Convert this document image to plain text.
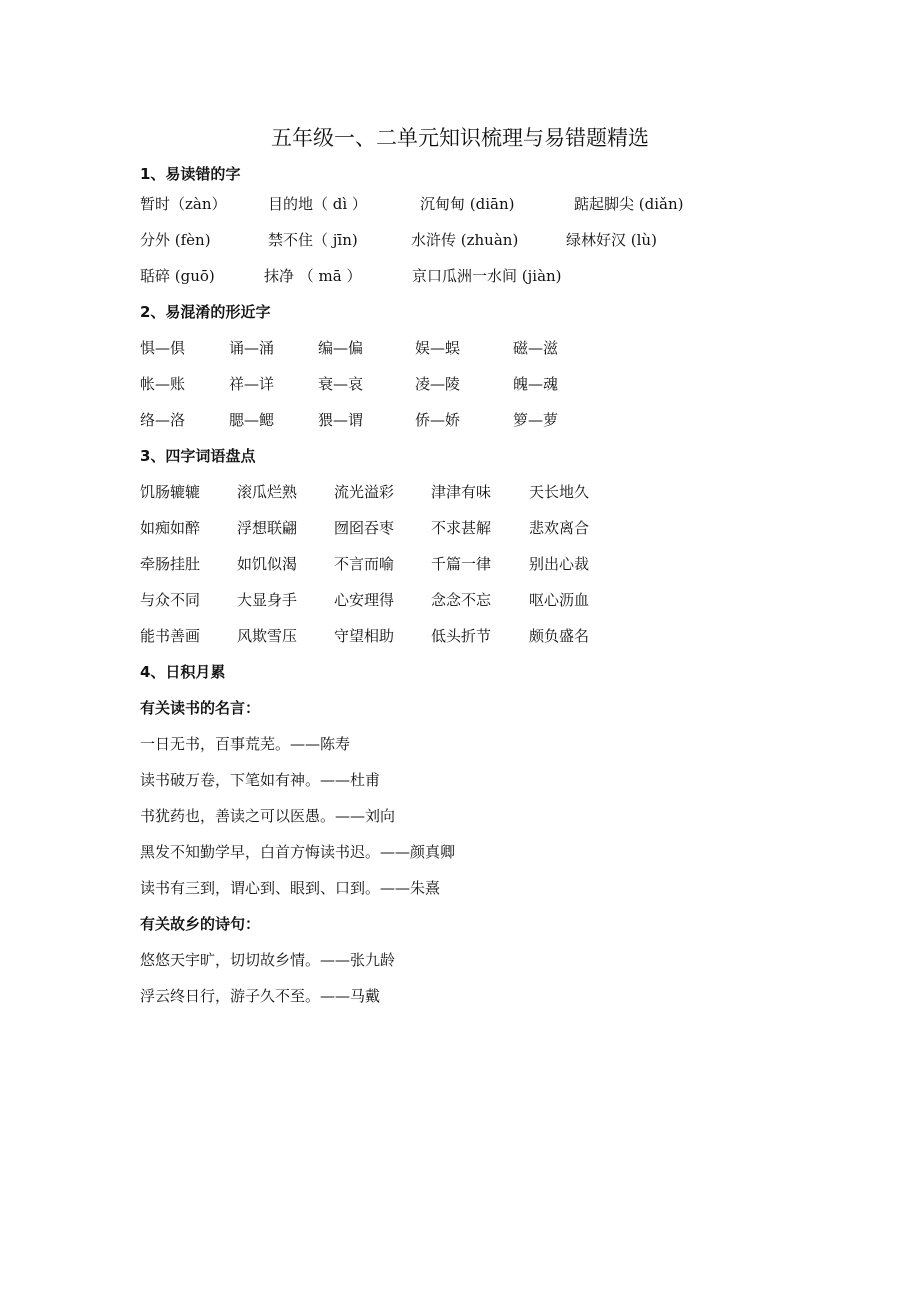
五年级一、二单元知识梳理与易错题精选
1、易读错的字
暂时（zàn）	目的地（ dì ）	沉甸甸 (diān)	踮起脚尖 (diǎn)
分外 (fèn)	禁不住（ jīn)	水浒传 (zhuàn)	绿林好汉 (lù)
聒碎 (guō)	抹净 （ mā ）	京口瓜洲一水间 (jiàn)
2、易混淆的形近字
惧—俱	诵—涌	编—偏	娱—蜈	磁—滋
帐—账	祥—详	衰—哀	凌—陵	魄—魂
络—洛	腮—鳃	猥—谓	侨—娇	箩—萝
3、四字词语盘点
饥肠辘辘 滚瓜烂熟 流光溢彩 津津有味	天长地久
如痴如醉 浮想联翩 囫囵吞枣 不求甚解	悲欢离合
牵肠挂肚 如饥似渴 不言而喻 千篇一律	别出心裁
与众不同 大显身手 心安理得 念念不忘	呕心沥血
能书善画 风欺雪压 守望相助 低头折节	颇负盛名
4、日积月累
有关读书的名言：
一日无书，百事荒芜。——陈寿
读书破万卷，下笔如有神。——杜甫
书犹药也，善读之可以医愚。——刘向
黑发不知勤学早，白首方悔读书迟。——颜真卿
读书有三到，谓心到、眼到、口到。——朱熹
有关故乡的诗句：
悠悠天宇旷，切切故乡情。——张九龄
浮云终日行，游子久不至。——马戴
